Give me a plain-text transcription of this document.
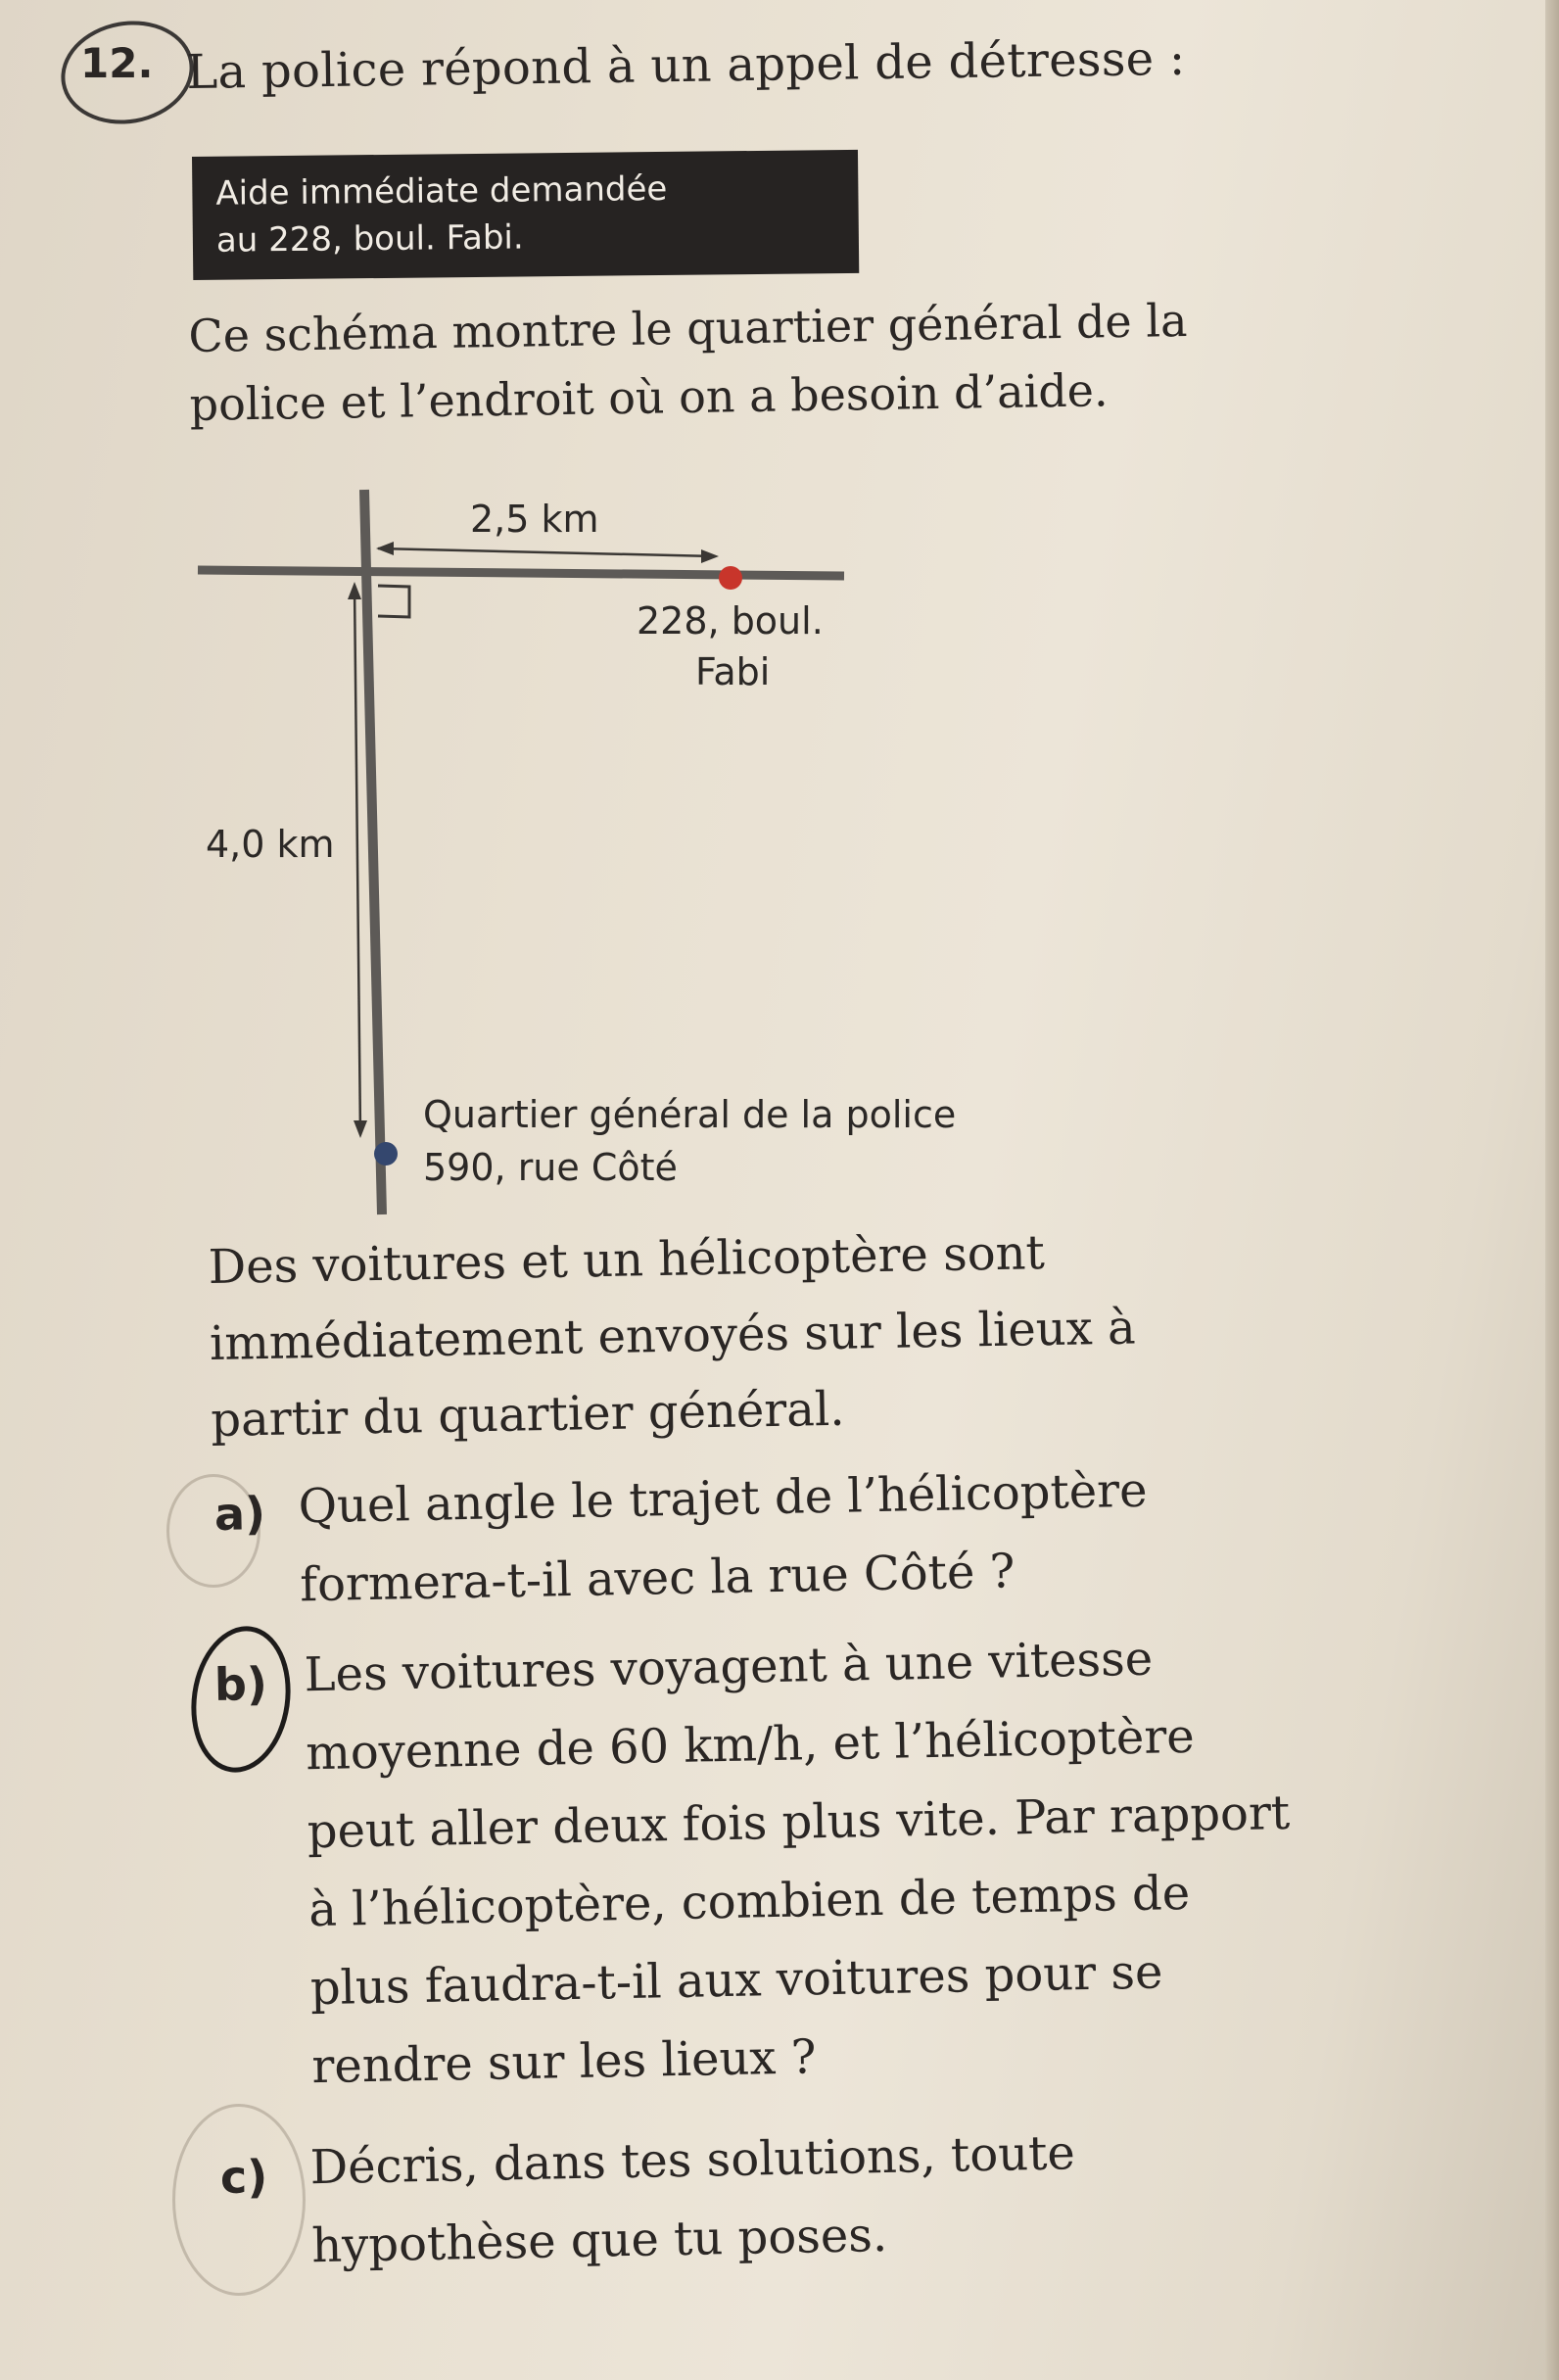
12. La police répond à un appel de détresse :
Aide immédiate demandée
au 228, boul. Fabi.
Ce schéma montre le quartier général de la
police et l’endroit où on a besoin d’aide.
2,5 km
228, boul.
Fabi
4,0 km
Quartier général de la police
590, rue Côté
Des voitures et un hélicoptère sont
immédiatement envoyés sur les lieux à
partir du quartier général.
a) Quel angle le trajet de l’hélicoptère
formera-t-il avec la rue Côté ?
b) Les voitures voyagent à une vitesse
moyenne de 60 km/h, et l’hélicoptère
peut aller deux fois plus vite. Par rapport
à l’hélicoptère, combien de temps de
plus faudra-t-il aux voitures pour se
rendre sur les lieux ?
c) Décris, dans tes solutions, toute
hypothèse que tu poses.
